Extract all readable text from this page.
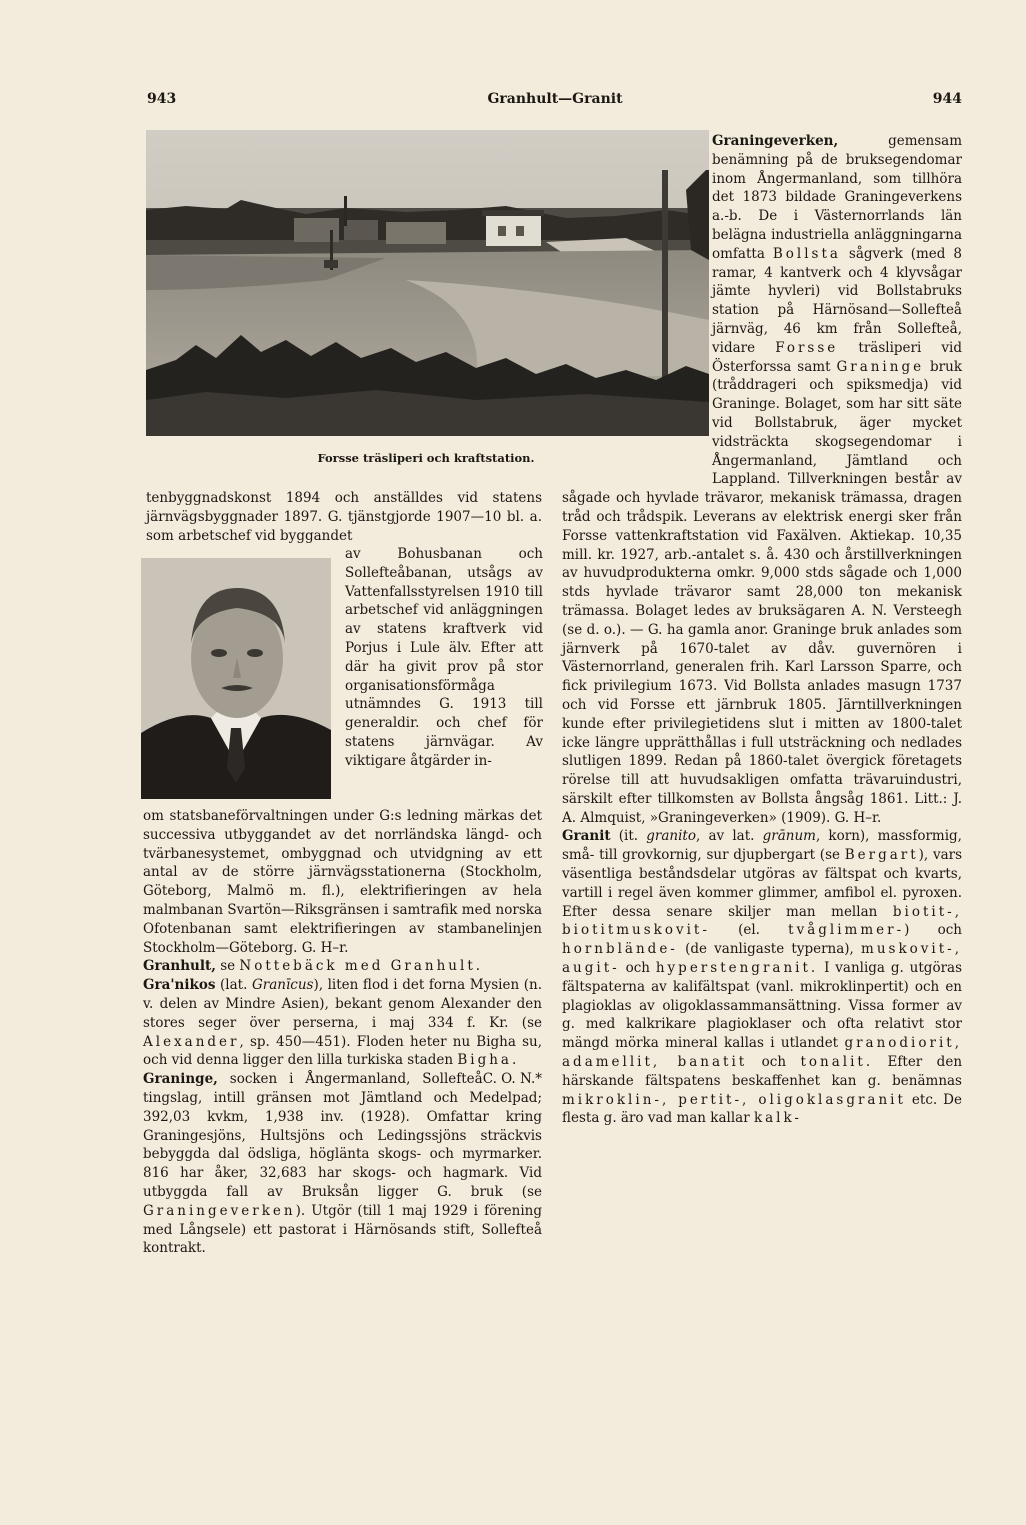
943	Granhult—Granit	944
Forsse träsliperi och kraftstation.

tenbyggnadskonst 1894 och anställdes vid statens järnvägsbyggnader 1897. G. tjänstgjorde 1907—10 bl. a. som arbetschef vid byggandet

av Bohusbanan och Sollefteåbanan, utsågs av Vattenfallsstyrelsen 1910 till arbetschef vid anläggningen av statens kraftverk vid Porjus i Lule älv. Efter att där ha givit prov på stor organisationsförmåga utnämndes G. 1913 till generaldir. och chef för statens järnvägar. Av viktigare åtgärder in-

om statsbaneförvaltningen under G:s ledning märkas det successiva utbyggandet av det norrländska längd- och tvärbanesystemet, ombyggnad och utvidgning av ett antal av de större järnvägsstationerna (Stockholm, Göteborg, Malmö m. fl.), elektrifieringen av hela malmbanan Svartön—Riksgränsen i samtrafik med norska Ofotenbanan samt elektrifieringen av stambanelinjen Stockholm—Göteborg. G. H–r.

Granhult, se Nottebäck med Granhult.

Gra'nikos (lat. Granīcus), liten flod i det forna Mysien (n. v. delen av Mindre Asien), bekant genom Alexander den stores seger över perserna, i maj 334 f. Kr. (se Alexander, sp. 450—451). Floden heter nu Bigha su, och vid denna ligger den lilla turkiska staden Bigha.
C. O. N.*

Graninge, socken i Ångermanland, Sollefteå tingslag, intill gränsen mot Jämtland och Medelpad; 392,03 kvkm, 1,938 inv. (1928). Omfattar kring Graningesjöns, Hultsjöns och Ledingssjöns sträckvis bebyggda dal ödsliga, höglänta skogs- och myrmarker. 816 har åker, 32,683 har skogs- och hagmark. Vid utbyggda fall av Bruksån ligger G. bruk (se Graningeverken). Utgör (till 1 maj 1929 i förening med Långsele) ett pastorat i Härnösands stift, Sollefteå kontrakt.

Graningeverken, gemensam benämning på de bruksegendomar inom Ångermanland, som tillhöra det 1873 bildade Graningeverkens a.-b. De i Västernorrlands län belägna industriella anläggningarna omfatta Bollsta sågverk (med 8 ramar, 4 kantverk och 4 klyvsågar jämte hyvleri) vid Bollstabruks station på Härnösand—Sollefteå järnväg, 46 km från Sollefteå, vidare Forsse träsliperi vid Österforssa samt Graninge bruk (tråddrageri och spiksmedja) vid Graninge. Bolaget, som har sitt säte vid Bollstabruk, äger mycket vidsträckta skogsegendomar i Ångermanland, Jämtland och Lappland. Tillverkningen består av sågade och hyvlade trävaror, mekanisk trämassa, dragen tråd och trådspik. Leverans av elektrisk energi sker från Forsse vattenkraftstation vid Faxälven. Aktiekap. 10,35 mill. kr. 1927, arb.-antalet s. å. 430 och årstillverkningen av huvudprodukterna omkr. 9,000 stds sågade och 1,000 stds hyvlade trävaror samt 28,000 ton mekanisk trämassa. Bolaget ledes av bruksägaren A. N. Versteegh (se d. o.). — G. ha gamla anor. Graninge bruk anlades som järnverk på 1670-talet av dåv. guvernören i Västernorrland, generalen frih. Karl Larsson Sparre, och fick privilegium 1673. Vid Bollsta anlades masugn 1737 och vid Forsse ett järnbruk 1805. Järntillverkningen kunde efter privilegietidens slut i mitten av 1800-talet icke längre upprätthållas i full utsträckning och nedlades slutligen 1899. Redan på 1860-talet övergick företagets rörelse till att huvudsakligen omfatta trävaruindustri, särskilt efter tillkomsten av Bollsta ångsåg 1861. Litt.: J. A. Almquist, »Graningeverken» (1909). G. H–r.

Granit (it. granito, av lat. grānum, korn), massformig, små- till grovkornig, sur djupbergart (se Bergart), vars väsentliga beståndsdelar utgöras av fältspat och kvarts, vartill i regel även kommer glimmer, amfibol el. pyroxen. Efter dessa senare skiljer man mellan biotit-, biotitmuskovit- (el. tvåglimmer-) och hornblände- (de vanligaste typerna), muskovit-, augit- och hyperstengranit. I vanliga g. utgöras fältspaterna av kalifältspat (vanl. mikroklinpertit) och en plagioklas av oligoklassammansättning. Vissa former av g. med kalkrikare plagioklaser och ofta relativt stor mängd mörka mineral kallas i utlandet granodiorit, adamellit, banatit och tonalit. Efter den härskande fältspatens beskaffenhet kan g. benämnas mikroklin-, pertit-, oligoklasgranit etc. De flesta g. äro vad man kallar kalk-
